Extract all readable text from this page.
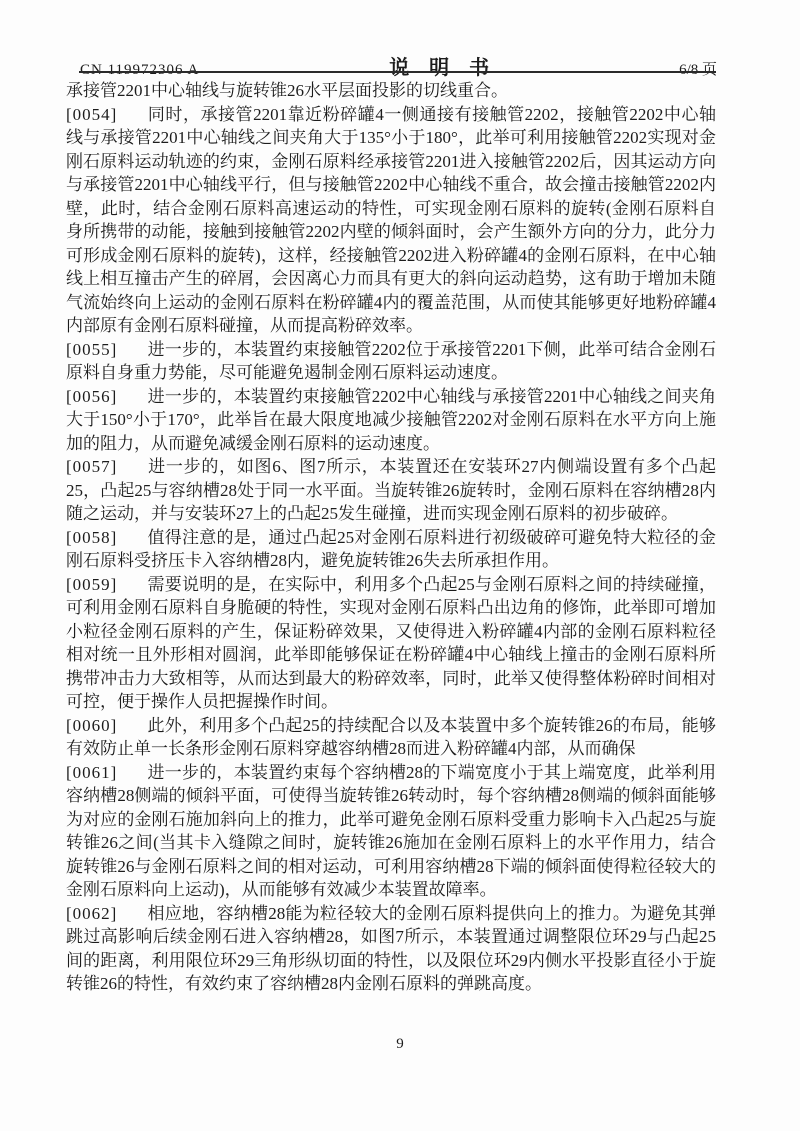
CN 119972306 A	说明书	6/8 页

承接管2201中心轴线与旋转锥26水平层面投影的切线重合。

[0054] 同时，承接管2201靠近粉碎罐4一侧通接有接触管2202，接触管2202中心轴线与承接管2201中心轴线之间夹角大于135°小于180°，此举可利用接触管2202实现对金刚石原料运动轨迹的约束，金刚石原料经承接管2201进入接触管2202后，因其运动方向与承接管2201中心轴线平行，但与接触管2202中心轴线不重合，故会撞击接触管2202内壁，此时，结合金刚石原料高速运动的特性，可实现金刚石原料的旋转(金刚石原料自身所携带的动能，接触到接触管2202内壁的倾斜面时，会产生额外方向的分力，此分力可形成金刚石原料的旋转)，这样，经接触管2202进入粉碎罐4的金刚石原料，在中心轴线上相互撞击产生的碎屑，会因离心力而具有更大的斜向运动趋势，这有助于增加未随气流始终向上运动的金刚石原料在粉碎罐4内的覆盖范围，从而使其能够更好地粉碎罐4内部原有金刚石原料碰撞，从而提高粉碎效率。

[0055] 进一步的，本装置约束接触管2202位于承接管2201下侧，此举可结合金刚石原料自身重力势能，尽可能避免遏制金刚石原料运动速度。

[0056] 进一步的，本装置约束接触管2202中心轴线与承接管2201中心轴线之间夹角大于150°小于170°，此举旨在最大限度地减少接触管2202对金刚石原料在水平方向上施加的阻力，从而避免减缓金刚石原料的运动速度。

[0057] 进一步的，如图6、图7所示，本装置还在安装环27内侧端设置有多个凸起25，凸起25与容纳槽28处于同一水平面。当旋转锥26旋转时，金刚石原料在容纳槽28内随之运动，并与安装环27上的凸起25发生碰撞，进而实现金刚石原料的初步破碎。

[0058] 值得注意的是，通过凸起25对金刚石原料进行初级破碎可避免特大粒径的金刚石原料受挤压卡入容纳槽28内，避免旋转锥26失去所承担作用。

[0059] 需要说明的是，在实际中，利用多个凸起25与金刚石原料之间的持续碰撞，可利用金刚石原料自身脆硬的特性，实现对金刚石原料凸出边角的修饰，此举即可增加小粒径金刚石原料的产生，保证粉碎效果，又使得进入粉碎罐4内部的金刚石原料粒径相对统一且外形相对圆润，此举即能够保证在粉碎罐4中心轴线上撞击的金刚石原料所携带冲击力大致相等，从而达到最大的粉碎效率，同时，此举又使得整体粉碎时间相对可控，便于操作人员把握操作时间。

[0060] 此外，利用多个凸起25的持续配合以及本装置中多个旋转锥26的布局，能够有效防止单一长条形金刚石原料穿越容纳槽28而进入粉碎罐4内部，从而确保

[0061] 进一步的，本装置约束每个容纳槽28的下端宽度小于其上端宽度，此举利用容纳槽28侧端的倾斜平面，可使得当旋转锥26转动时，每个容纳槽28侧端的倾斜面能够为对应的金刚石施加斜向上的推力，此举可避免金刚石原料受重力影响卡入凸起25与旋转锥26之间(当其卡入缝隙之间时，旋转锥26施加在金刚石原料上的水平作用力，结合旋转锥26与金刚石原料之间的相对运动，可利用容纳槽28下端的倾斜面使得粒径较大的金刚石原料向上运动)，从而能够有效减少本装置故障率。

[0062] 相应地，容纳槽28能为粒径较大的金刚石原料提供向上的推力。为避免其弹跳过高影响后续金刚石进入容纳槽28，如图7所示，本装置通过调整限位环29与凸起25间的距离，利用限位环29三角形纵切面的特性，以及限位环29内侧水平投影直径小于旋转锥26的特性，有效约束了容纳槽28内金刚石原料的弹跳高度。

9
